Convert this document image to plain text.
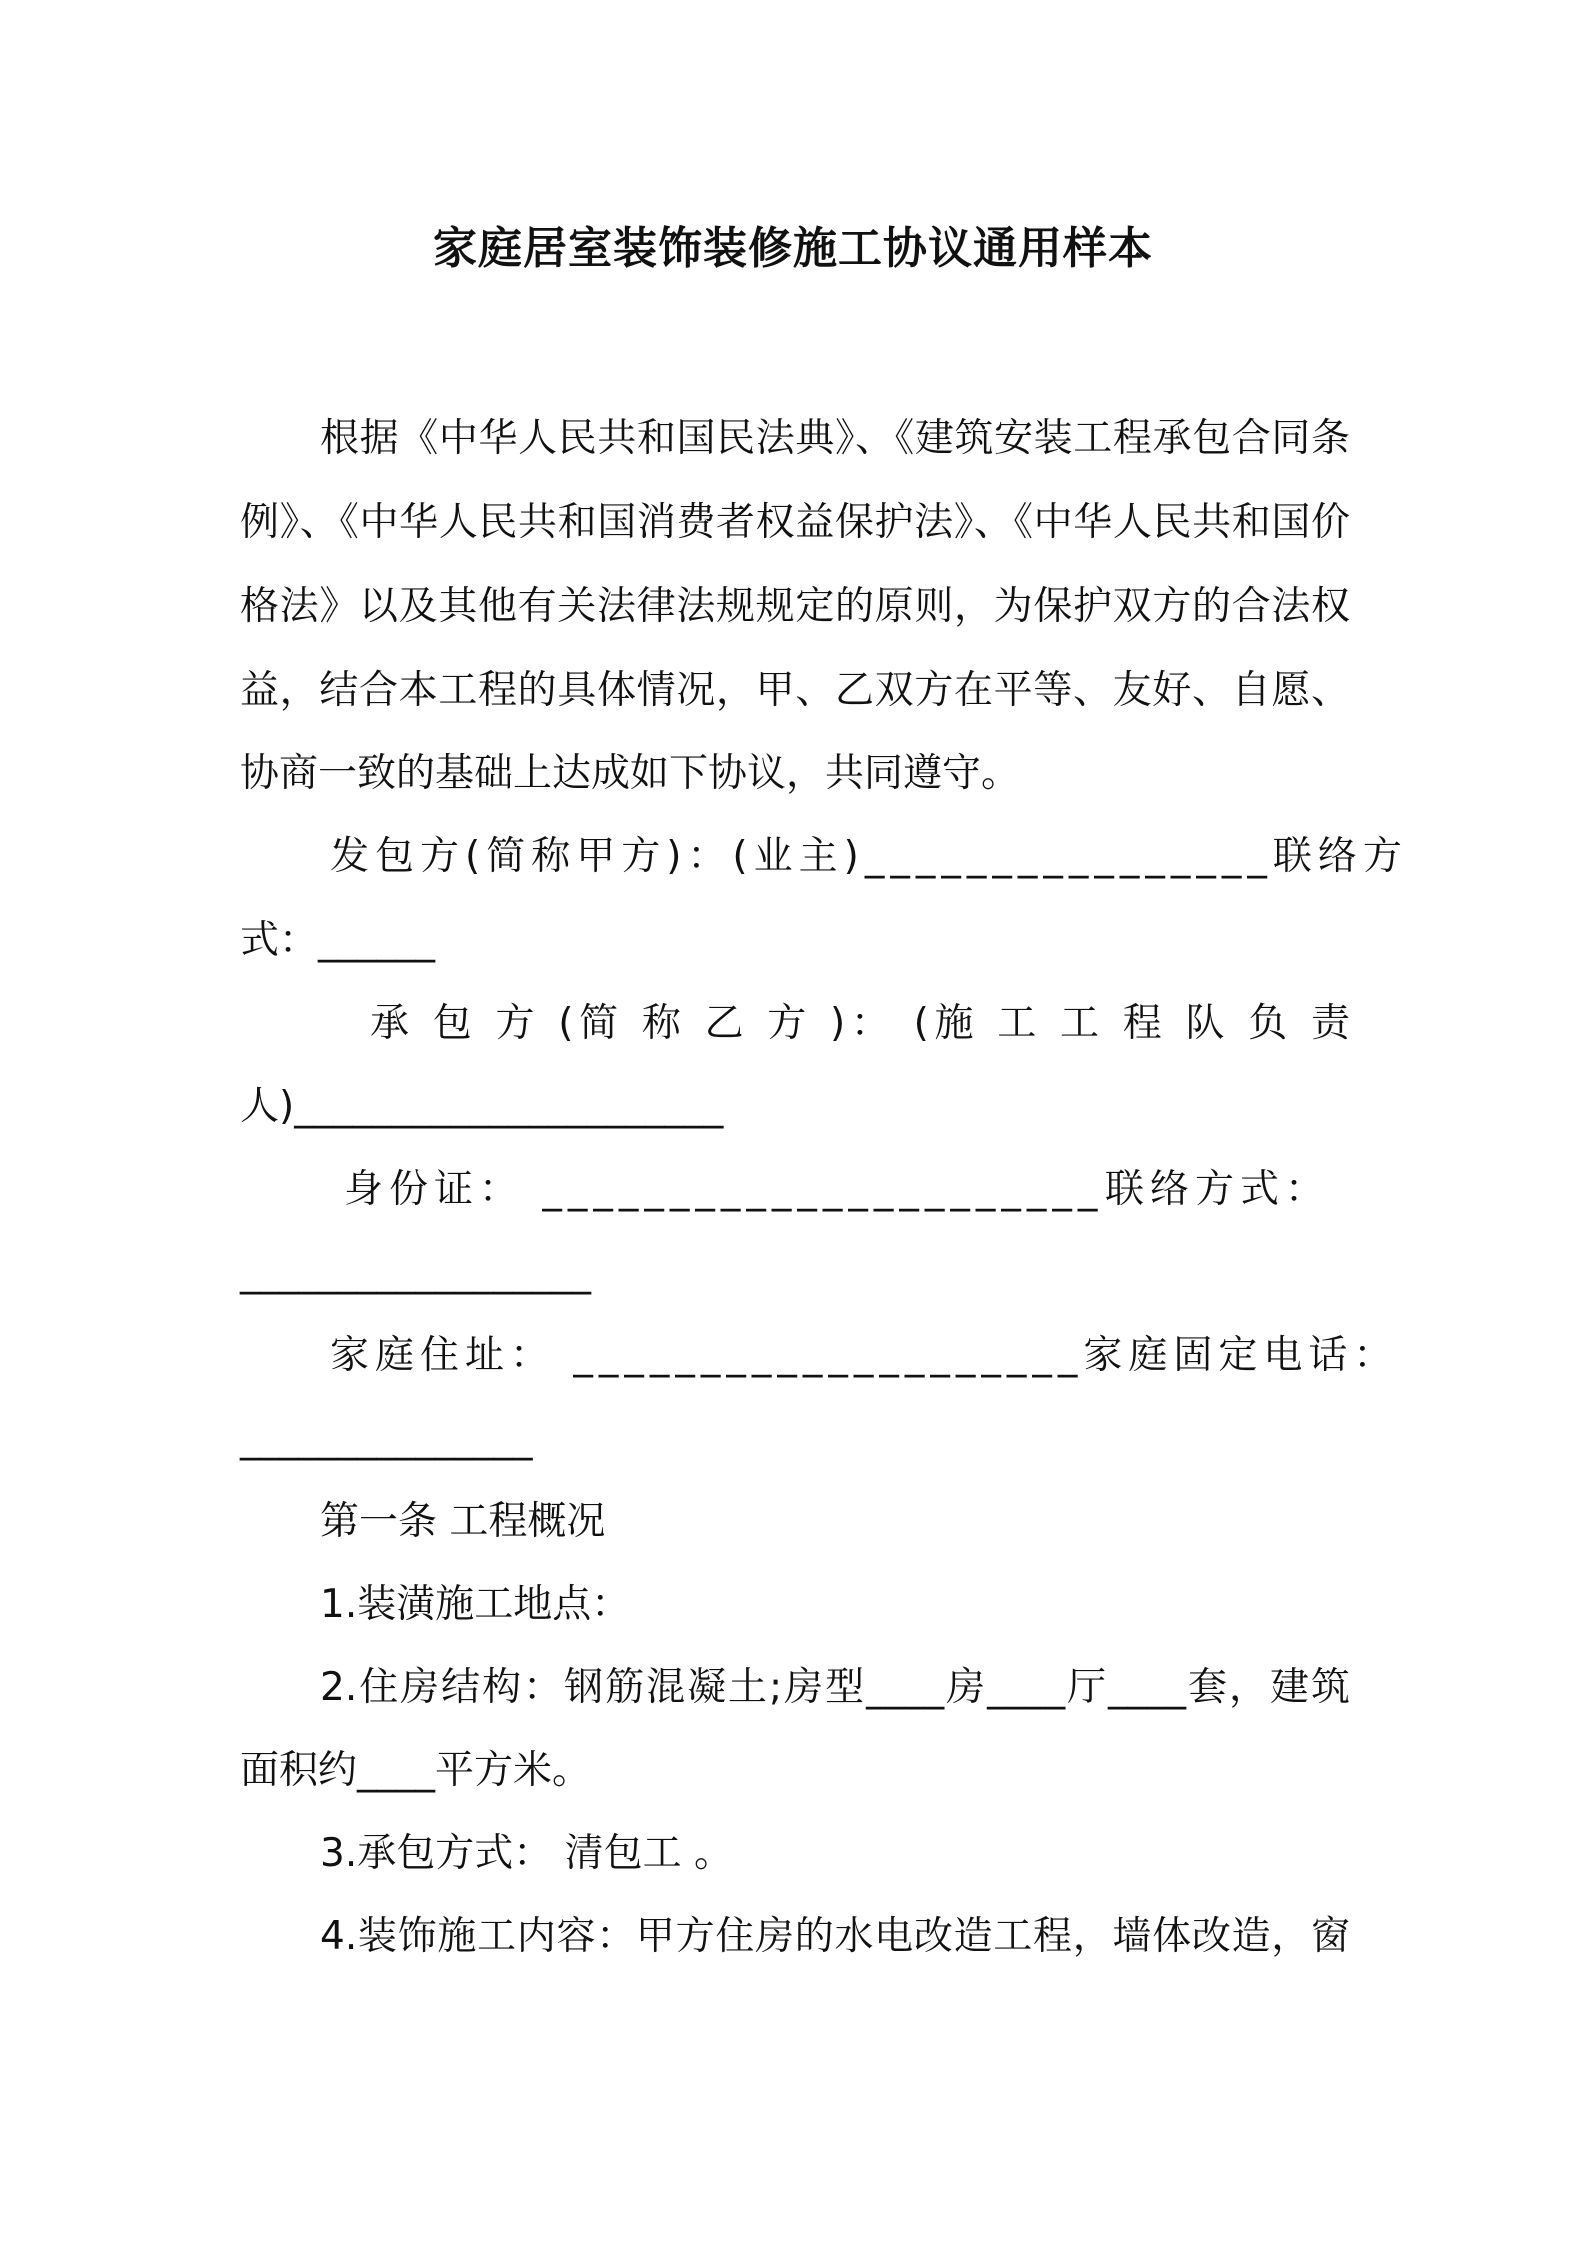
家庭居室装饰装修施工协议通用样本
根据《中华人民共和国民法典》、《建筑安装工程承包合同条
例》、《中华人民共和国消费者权益保护法》、《中华人民共和国价
格法》以及其他有关法律法规规定的原则，为保护双方的合法权
益，结合本工程的具体情况，甲、乙双方在平等、友好、自愿、
协商一致的基础上达成如下协议，共同遵守。
发包方(简称甲方)：(业主)________________ 联络方
式：______
承 包 方 (简 称 乙 方 )： (施 工 工 程 队 负 责
人)______________________
身份证： ______________________ 联络方式：
__________________
家庭住址： ____________________ 家庭固定电话：
_______________
第一条 工程概况
1.装潢施工地点：
2.住房结构：钢筋混凝土;房型____房____厅____套，建筑
面积约____平方米。
3.承包方式： 清包工 。
4.装饰施工内容：甲方住房的水电改造工程，墙体改造，窗
